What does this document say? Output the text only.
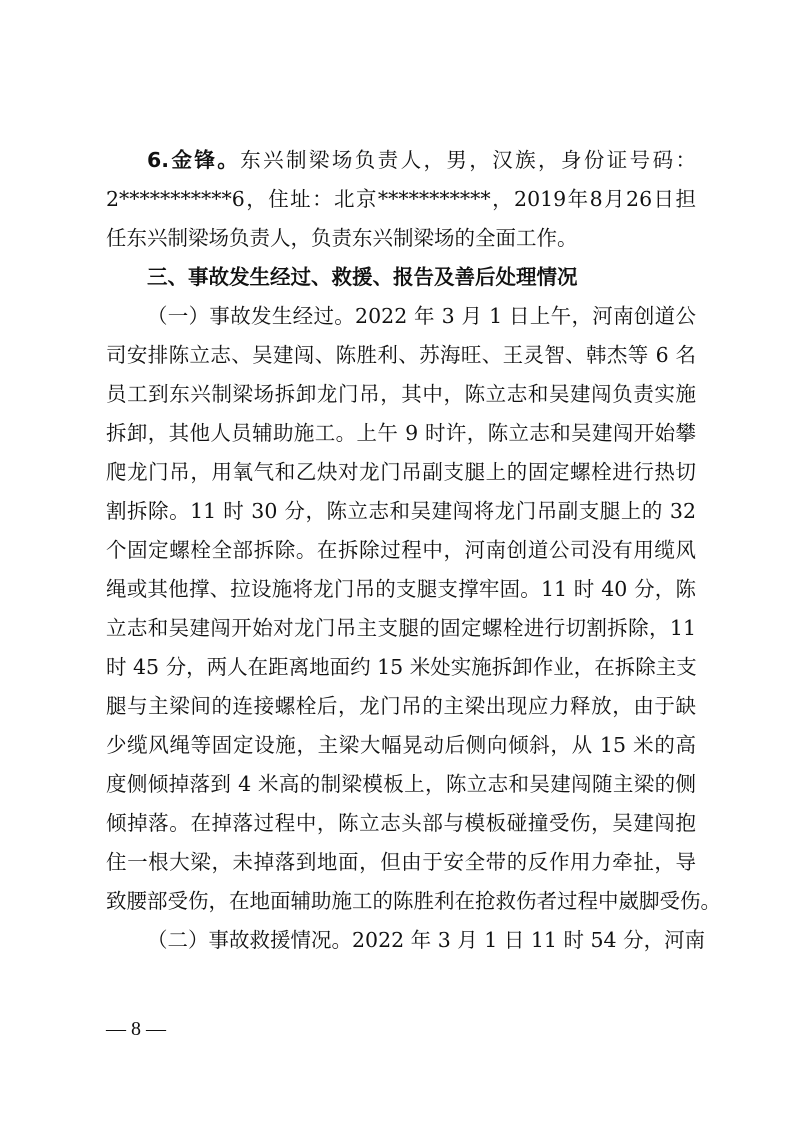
6.金锋。东兴制梁场负责人，男，汉族，身份证号码：
2***********6，住址：北京***********，2019年8月26日担
任东兴制梁场负责人，负责东兴制梁场的全面工作。
三、事故发生经过、救援、报告及善后处理情况
（一）事故发生经过。2022 年 3 月 1 日上午，河南创道公
司安排陈立志、吴建闯、陈胜利、苏海旺、王灵智、韩杰等 6 名
员工到东兴制梁场拆卸龙门吊，其中，陈立志和吴建闯负责实施
拆卸，其他人员辅助施工。上午 9 时许，陈立志和吴建闯开始攀
爬龙门吊，用氧气和乙炔对龙门吊副支腿上的固定螺栓进行热切
割拆除。11 时 30 分，陈立志和吴建闯将龙门吊副支腿上的 32
个固定螺栓全部拆除。在拆除过程中，河南创道公司没有用缆风
绳或其他撑、拉设施将龙门吊的支腿支撑牢固。11 时 40 分，陈
立志和吴建闯开始对龙门吊主支腿的固定螺栓进行切割拆除，11
时 45 分，两人在距离地面约 15 米处实施拆卸作业，在拆除主支
腿与主梁间的连接螺栓后，龙门吊的主梁出现应力释放，由于缺
少缆风绳等固定设施，主梁大幅晃动后侧向倾斜，从 15 米的高
度侧倾掉落到 4 米高的制梁模板上，陈立志和吴建闯随主梁的侧
倾掉落。在掉落过程中，陈立志头部与模板碰撞受伤，吴建闯抱
住一根大梁，未掉落到地面，但由于安全带的反作用力牵扯，导
致腰部受伤，在地面辅助施工的陈胜利在抢救伤者过程中崴脚受伤。
（二）事故救援情况。2022 年 3 月 1 日 11 时 54 分，河南
— 8 —
